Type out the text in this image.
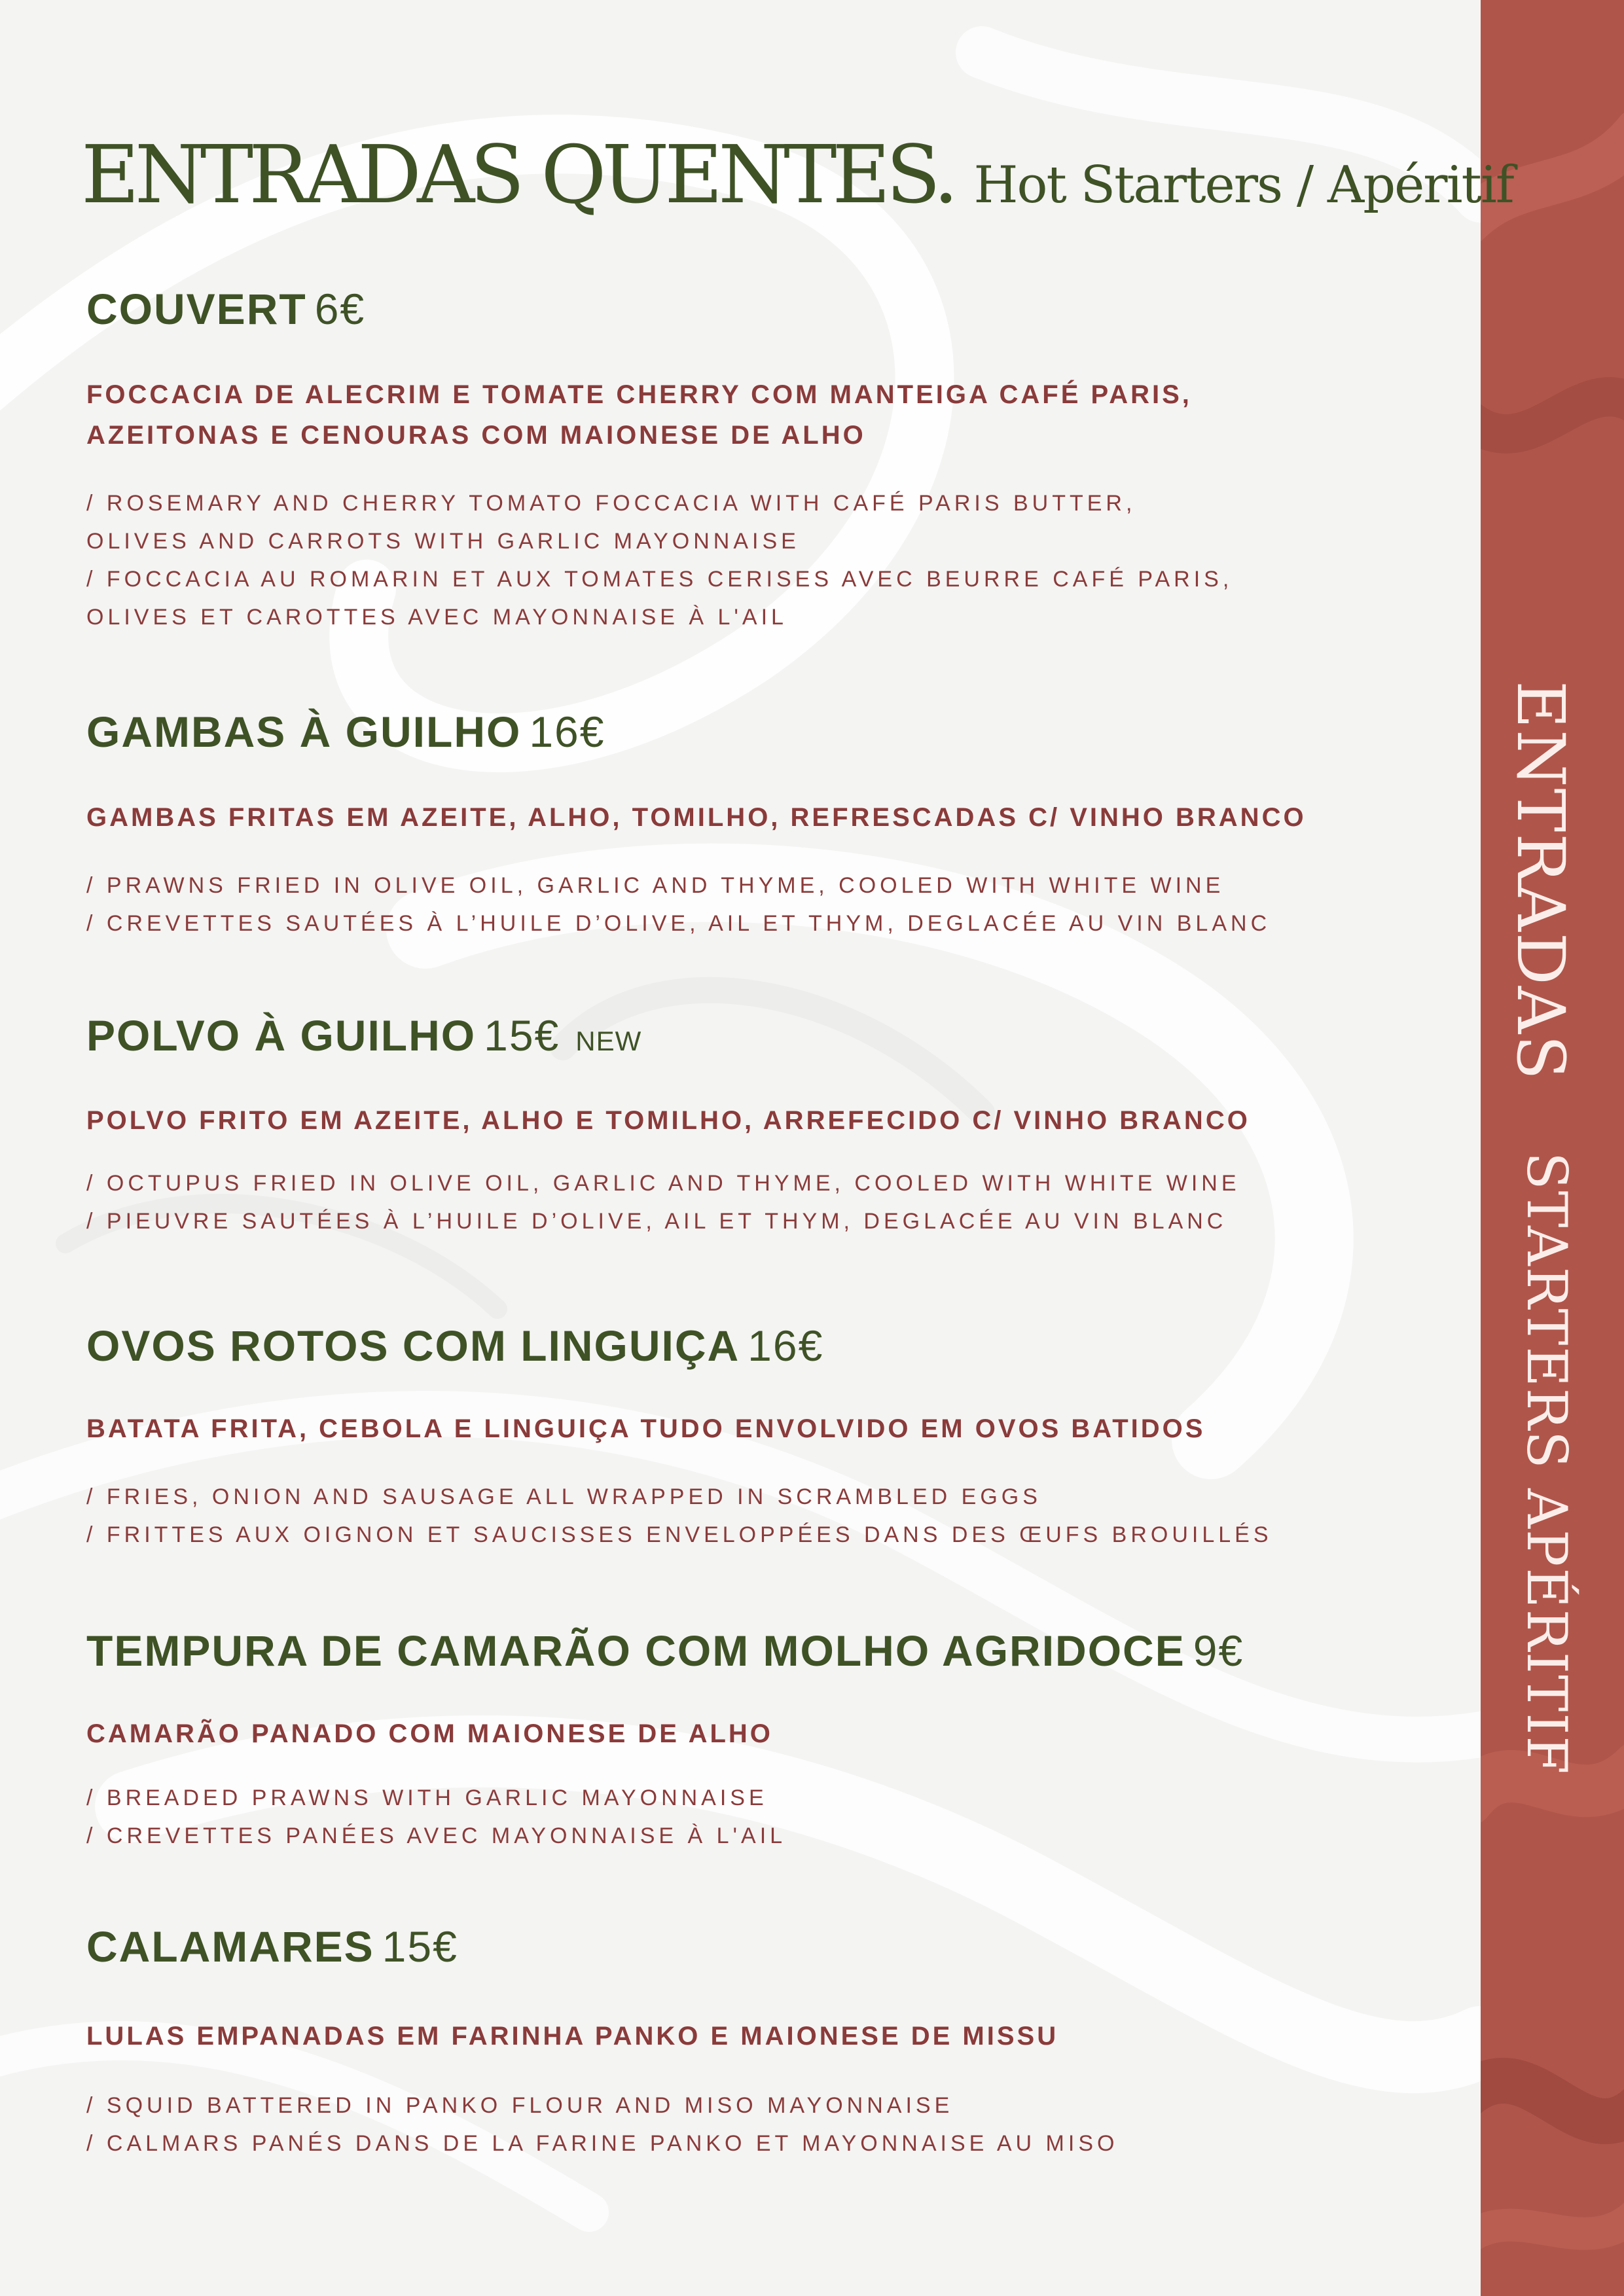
ENTRADAS
STARTERS APÉRITIF
ENTRADAS QUENTES. Hot Starters / Apéritif
COUVERT 6€
FOCCACIA DE ALECRIM E TOMATE CHERRY COM MANTEIGA CAFÉ PARIS,
AZEITONAS E CENOURAS COM MAIONESE DE ALHO
/ ROSEMARY AND CHERRY TOMATO FOCCACIA WITH CAFÉ PARIS BUTTER,
OLIVES AND CARROTS WITH GARLIC MAYONNAISE
/ FOCCACIA AU ROMARIN ET AUX TOMATES CERISES AVEC BEURRE CAFÉ PARIS,
OLIVES ET CAROTTES AVEC MAYONNAISE À L'AIL
GAMBAS À GUILHO 16€
GAMBAS FRITAS EM AZEITE, ALHO, TOMILHO, REFRESCADAS C/ VINHO BRANCO
/ PRAWNS FRIED IN OLIVE OIL, GARLIC AND THYME, COOLED WITH WHITE WINE
/ CREVETTES SAUTÉES À L’HUILE D’OLIVE, AIL ET THYM, DEGLACÉE AU VIN BLANC
POLVO À GUILHO 15€ NEW
POLVO FRITO EM AZEITE, ALHO E TOMILHO, ARREFECIDO C/ VINHO BRANCO
/ OCTUPUS FRIED IN OLIVE OIL, GARLIC AND THYME, COOLED WITH WHITE WINE
/ PIEUVRE SAUTÉES À L’HUILE D’OLIVE, AIL ET THYM, DEGLACÉE AU VIN BLANC
OVOS ROTOS COM LINGUIÇA 16€
BATATA FRITA, CEBOLA E LINGUIÇA TUDO ENVOLVIDO EM OVOS BATIDOS
/ FRIES, ONION AND SAUSAGE ALL WRAPPED IN SCRAMBLED EGGS
/ FRITTES AUX OIGNON ET SAUCISSES ENVELOPPÉES DANS DES ŒUFS BROUILLÉS
TEMPURA DE CAMARÃO COM MOLHO AGRIDOCE 9€
CAMARÃO PANADO COM MAIONESE DE ALHO
/ BREADED PRAWNS WITH GARLIC MAYONNAISE
/ CREVETTES PANÉES AVEC MAYONNAISE À L'AIL
CALAMARES 15€
LULAS EMPANADAS EM FARINHA PANKO E MAIONESE DE MISSU
/ SQUID BATTERED IN PANKO FLOUR AND MISO MAYONNAISE
/ CALMARS PANÉS DANS DE LA FARINE PANKO ET MAYONNAISE AU MISO
